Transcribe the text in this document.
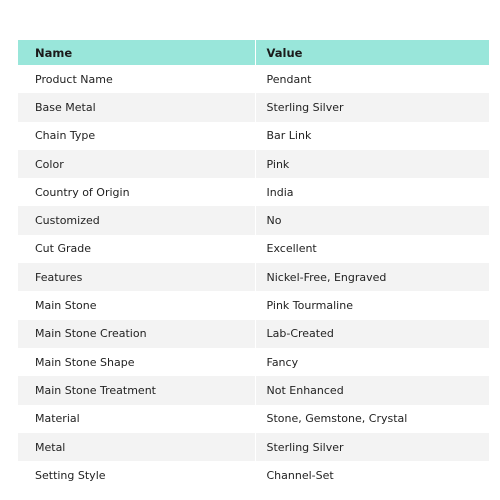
Name	Value
Product Name	Pendant
Base Metal	Sterling Silver
Chain Type	Bar Link
Color	Pink
Country of Origin	India
Customized	No
Cut Grade	Excellent
Features	Nickel-Free, Engraved
Main Stone	Pink Tourmaline
Main Stone Creation	Lab-Created
Main Stone Shape	Fancy
Main Stone Treatment	Not Enhanced
Material	Stone, Gemstone, Crystal
Metal	Sterling Silver
Setting Style	Channel-Set
